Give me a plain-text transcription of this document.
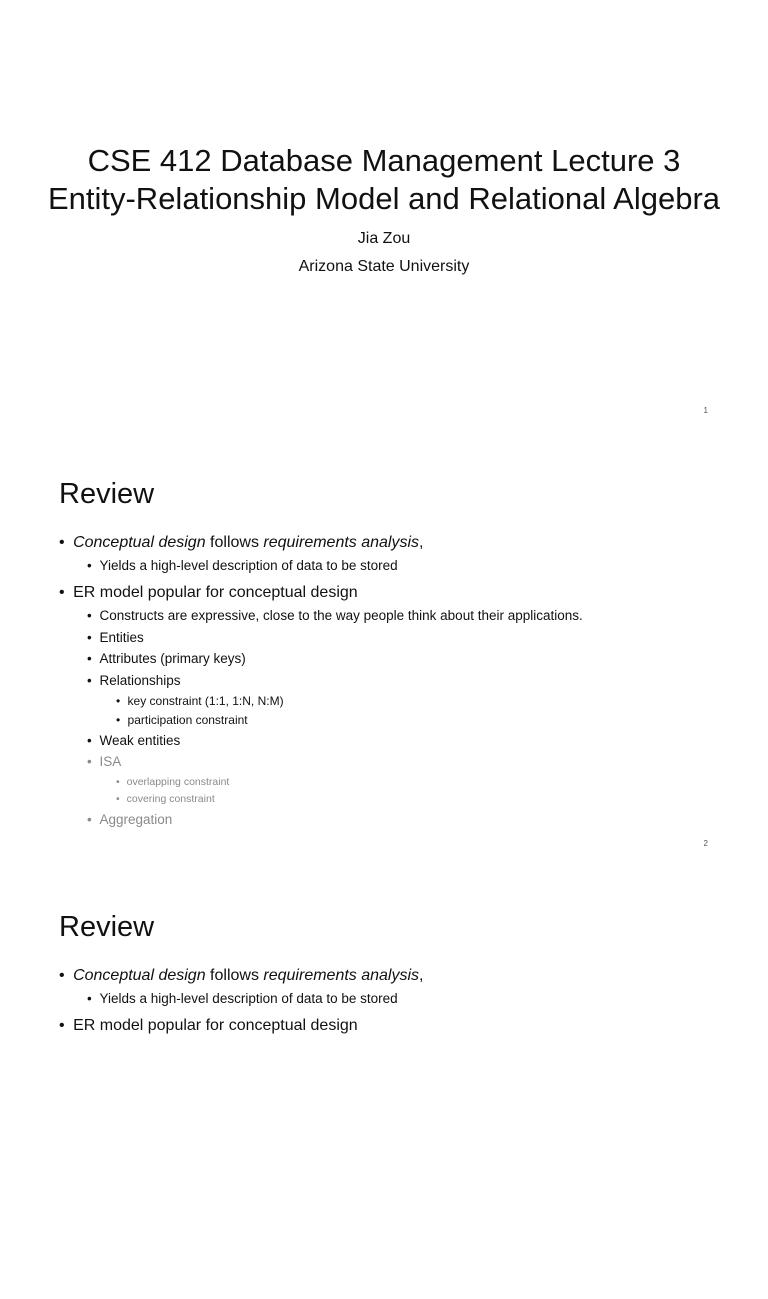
CSE 412 Database Management Lecture 3
Entity-Relationship Model and Relational Algebra
Jia Zou
Arizona State University
1
Review
• Conceptual design follows requirements analysis,
• Yields a high-level description of data to be stored
• ER model popular for conceptual design
• Constructs are expressive, close to the way people think about their applications.
• Entities
• Attributes (primary keys)
• Relationships
• key constraint (1:1, 1:N, N:M)
• participation constraint
• Weak entities
• ISA
• overlapping constraint
• covering constraint
• Aggregation
2
Review
• Conceptual design follows requirements analysis,
• Yields a high-level description of data to be stored
• ER model popular for conceptual design
